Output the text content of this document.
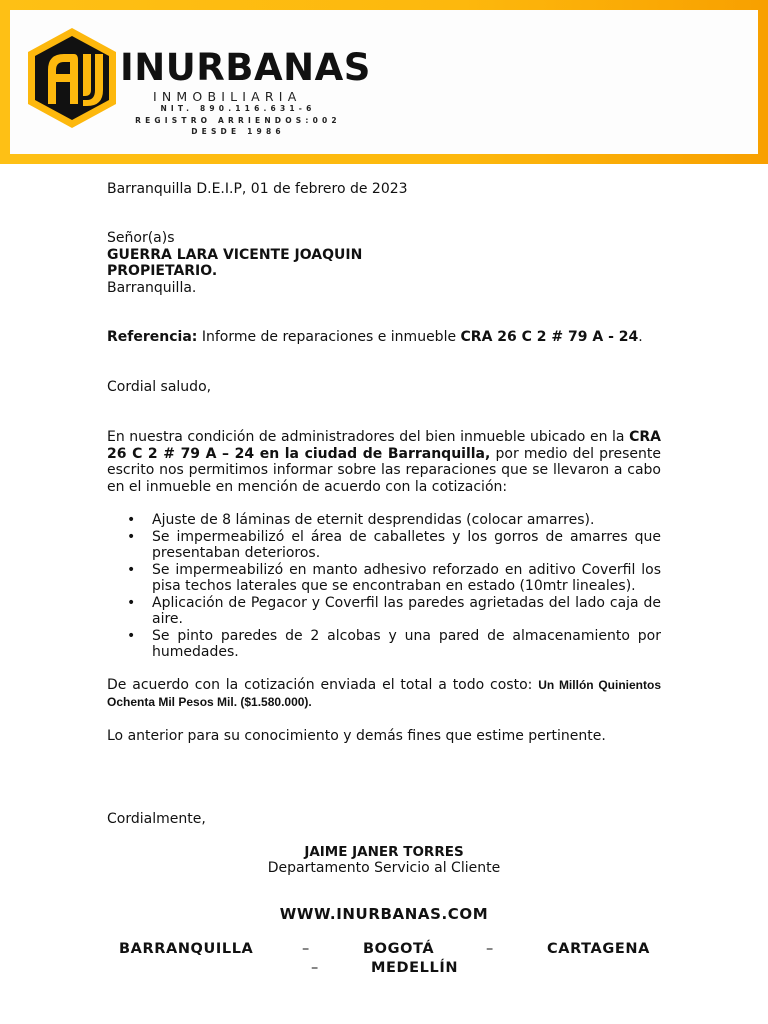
INURBANAS
INMOBILIARIA
NIT. 890.116.631-6
REGISTRO ARRIENDOS:002
DESDE 1986
Barranquilla D.E.I.P, 01 de febrero de 2023
Señor(a)s
GUERRA LARA VICENTE JOAQUIN
PROPIETARIO.
Barranquilla.
Referencia: Informe de reparaciones e inmueble CRA 26 C 2 # 79 A - 24.
Cordial saludo,
En nuestra condición de administradores del bien inmueble ubicado en la CRA 26 C 2 # 79 A – 24 en la ciudad de Barranquilla, por medio del presente escrito nos permitimos informar sobre las reparaciones que se llevaron a cabo en el inmueble en mención de acuerdo con la cotización:
• Ajuste de 8 láminas de eternit desprendidas (colocar amarres).
• Se impermeabilizó el área de caballetes y los gorros de amarres que presentaban deterioros.
• Se impermeabilizó en manto adhesivo reforzado en aditivo Coverfil los pisa techos laterales que se encontraban en estado (10mtr lineales).
• Aplicación de Pegacor y Coverfil las paredes agrietadas del lado caja de aire.
• Se pinto paredes de 2 alcobas y una pared de almacenamiento por humedades.
De acuerdo con la cotización enviada el total a todo costo: Un Millón Quinientos Ochenta Mil Pesos Mil. ($1.580.000).
Lo anterior para su conocimiento y demás fines que estime pertinente.
Cordialmente,
JAIME JANER TORRES
Departamento Servicio al Cliente
WWW.INURBANAS.COM
BARRANQUILLA	–	BOGOTÁ	–	CARTAGENA
–	MEDELLÍN
